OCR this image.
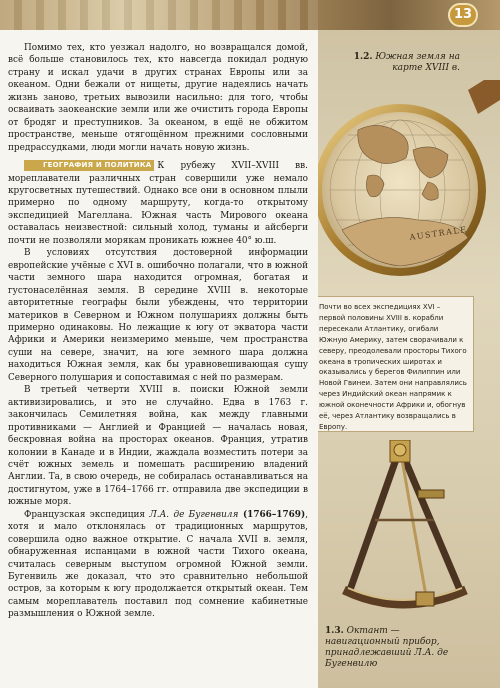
13
AUSTRALE
1.2. Южная земля на карте XVIII в.
1.3. Октант — навигационный прибор, принадлежавший Л.А. де Бугенвилю
Почти во всех экспедициях XVI – первой половины XVIII в. корабли пересекали Атлантику, огибали Южную Америку, затем сворачивали к северу, преодолевали просторы Тихого океана в тропических широтах и оказывались у берегов Филиппин или Новой Гвинеи. Затем они направлялись через Индийский океан напрямик к южной оконечности Африки и, обогнув её, через Атлантику возвращались в Европу.

Помимо тех, кто уезжал надолго, но возвращался домой, всё больше становилось тех, кто навсегда покидал родную страну и искал удачи в других странах Европы или за океаном. Одни бежали от нищеты, другие надеялись начать жизнь заново, третьих вывозили насильно: для того, чтобы осваивать заокеанские земли или же очистить города Европы от бродяг и преступников. За океаном, в ещё не обжитом пространстве, меньше отягощённом прежними сословными предрассудками, люди могли начать новую жизнь.

ГЕОГРАФИЯ И ПОЛИТИКА К рубежу XVII–XVIII вв. мореплаватели различных стран совершили уже немало кругосветных путешествий. Однако все они в основном плыли примерно по одному маршруту, когда-то открытому экспедицией Магеллана. Южная часть Мирового океана оставалась неизвестной: сильный холод, туманы и айсберги почти не позволяли морякам проникать южнее 40° ю.ш.

В условиях отсутствия достоверной информации европейские учёные с XVI в. ошибочно полагали, что в южной части земного шара находится огромная, богатая и густонаселённая земля. В середине XVIII в. некоторые авторитетные географы были убеждены, что территории материков в Северном и Южном полушариях должны быть примерно одинаковы. Но лежащие к югу от экватора части Африки и Америки неизмеримо меньше, чем пространства суши на севере, значит, на юге земного шара должна находиться Южная земля, как бы уравновешивающая сушу Северного полушария и сопоставимая с ней по размерам.

В третьей четверти XVIII в. поиски Южной земли активизировались, и это не случайно. Едва в 1763 г. закончилась Семилетняя война, как между главными противниками — Англией и Францией — началась новая, бескровная война на просторах океанов. Франция, утратив колонии в Канаде и в Индии, жаждала возместить потери за счёт южных земель и помешать расширению владений Англии. Та, в свою очередь, не собиралась останавливаться на достигнутом, уже в 1764–1766 гг. отправила две экспедиции в южные моря.

Французская экспедиция Л.А. де Бугенвиля (1766–1769), хотя и мало отклонялась от традиционных маршрутов, совершила одно важное открытие. С начала XVII в. земля, обнаруженная испанцами в южной части Тихого океана, считалась северным выступом огромной Южной земли. Бугенвиль же доказал, что это сравнительно небольшой остров, за которым к югу продолжается открытый океан. Тем самым мореплаватель поставил под сомнение кабинетные размышления о Южной земле.
